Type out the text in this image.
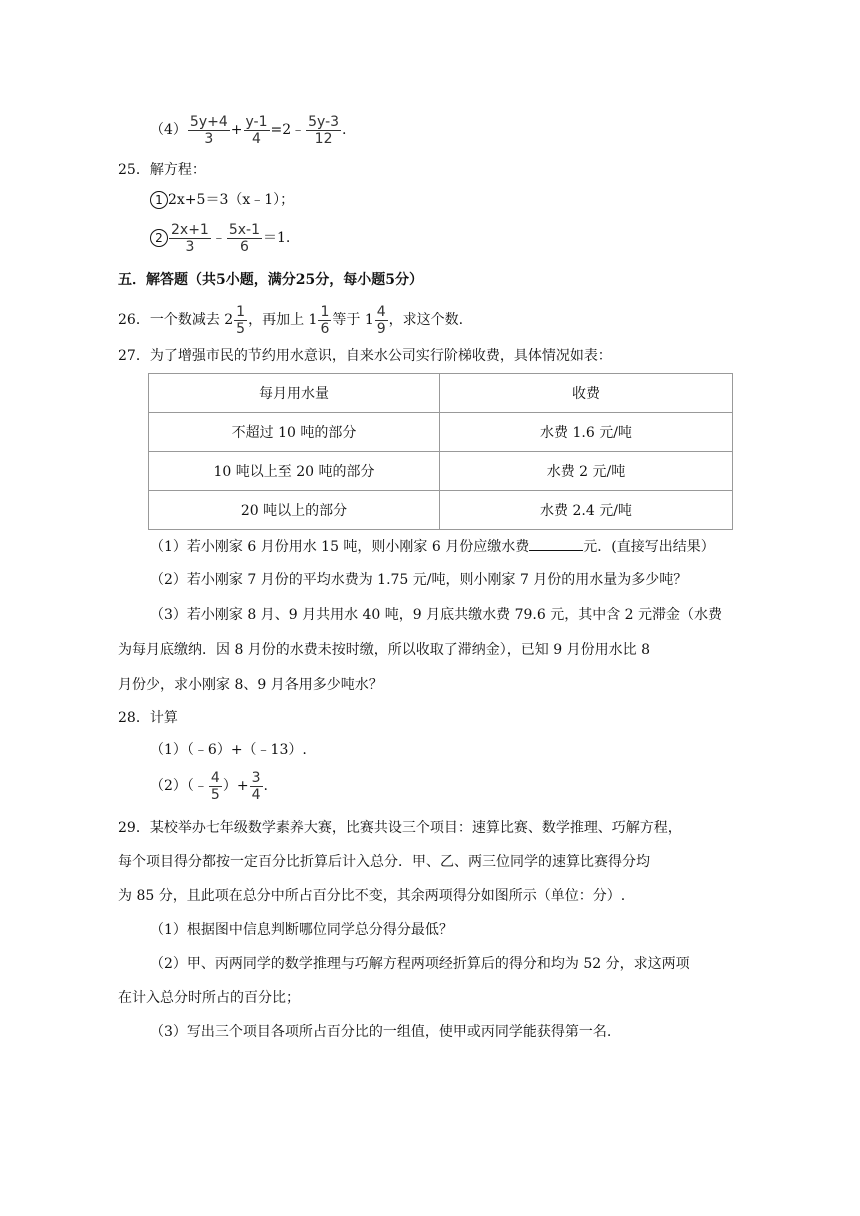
$(4) \frac{5y+4}{3} + \frac{y-1}{4}$ =2﹣ $\frac{5y-3}{12}$ .
25．解方程：
1 2x+5＝3（x﹣1）；
$2 \frac{2x+1}{3}$ ﹣ $\frac{5x-1}{6} =1$.
五．解答题（共5小题，满分25分，每小题5分）
26．一个数减去 $2 \frac{1}{5}$ ，再加上 $1 \frac{1}{6}$ 等于 $1 \frac{4}{9}$ ，求这个数.
27．为了增强市民的节约用水意识，自来水公司实行阶梯收费，具体情况如表：
每月用水量	收费
不超过 10 吨的部分	水费 1.6 元/吨
10 吨以上至 20 吨的部分	水费 2 元/吨
20 吨以上的部分	水费 2.4 元/吨
（1）若小刚家 6 月份用水 15 吨，则小刚家 6 月份应缴水费	元．(直接写出结果）
（2）若小刚家 7 月份的平均水费为 1.75 元/吨，则小刚家 7 月份的用水量为多少吨？
（3）若小刚家 8 月、9 月共用水 40 吨，9 月底共缴水费 79.6 元，其中含 2 元滞金（水费
为每月底缴纳．因 8 月份的水费未按时缴，所以收取了滞纳金），已知 9 月份用水比 8
月份少，求小刚家 8、9 月各用多少吨水？
28．计算
（1）（﹣6）+（﹣13）.
（2）（﹣ $\frac{4}{5}$ ）+ $\frac{3}{4}$ .
29．某校举办七年级数学素养大赛，比赛共设三个项目：速算比赛、数学推理、巧解方程，
每个项目得分都按一定百分比折算后计入总分．甲、乙、两三位同学的速算比赛得分均
为 85 分，且此项在总分中所占百分比不变，其余两项得分如图所示（单位：分）.
（1）根据图中信息判断哪位同学总分得分最低？
（2）甲、丙两同学的数学推理与巧解方程两项经折算后的得分和均为 52 分，求这两项
在计入总分时所占的百分比；
（3）写出三个项目各项所占百分比的一组值，使甲或丙同学能获得第一名.
